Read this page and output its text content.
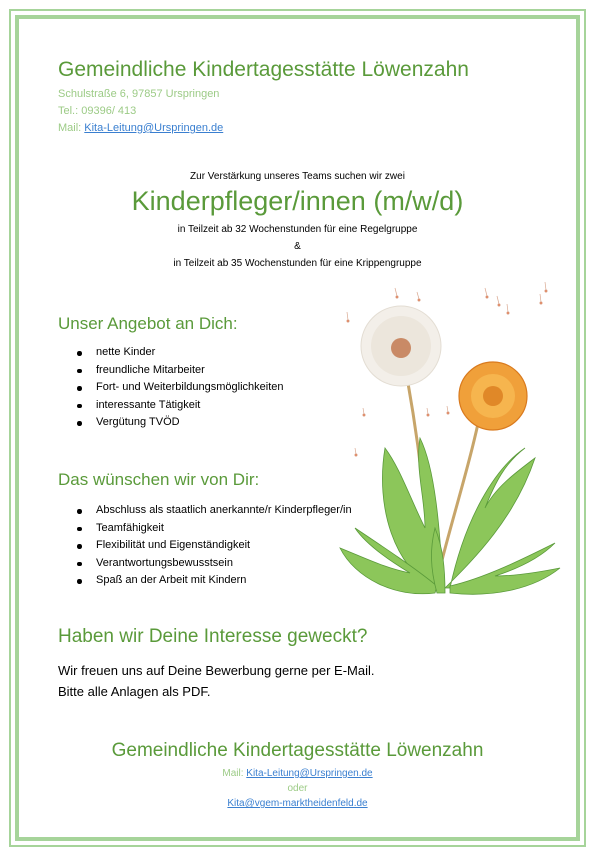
Gemeindliche Kindertagesstätte Löwenzahn
Schulstraße 6, 97857 Urspringen
Tel.: 09396/ 413
Mail: Kita-Leitung@Urspringen.de
Zur Verstärkung unseres Teams suchen wir zwei
Kinderpfleger/innen (m/w/d)
in Teilzeit ab 32 Wochenstunden für eine Regelgruppe
&
in Teilzeit ab 35 Wochenstunden für eine Krippengruppe
Unser Angebot an Dich:
nette Kinder
freundliche Mitarbeiter
Fort- und Weiterbildungsmöglichkeiten
interessante Tätigkeit
Vergütung TVÖD
Das wünschen wir von Dir:
Abschluss als staatlich anerkannte/r Kinderpfleger/in
Teamfähigkeit
Flexibilität und Eigenständigkeit
Verantwortungsbewusstsein
Spaß an der Arbeit mit Kindern
Haben wir Deine Interesse geweckt?
Wir freuen uns auf Deine Bewerbung gerne per E-Mail.
Bitte alle Anlagen als PDF.
Gemeindliche Kindertagesstätte Löwenzahn
Mail: Kita-Leitung@Urspringen.de
oder
Kita@vgem-marktheidenfeld.de
